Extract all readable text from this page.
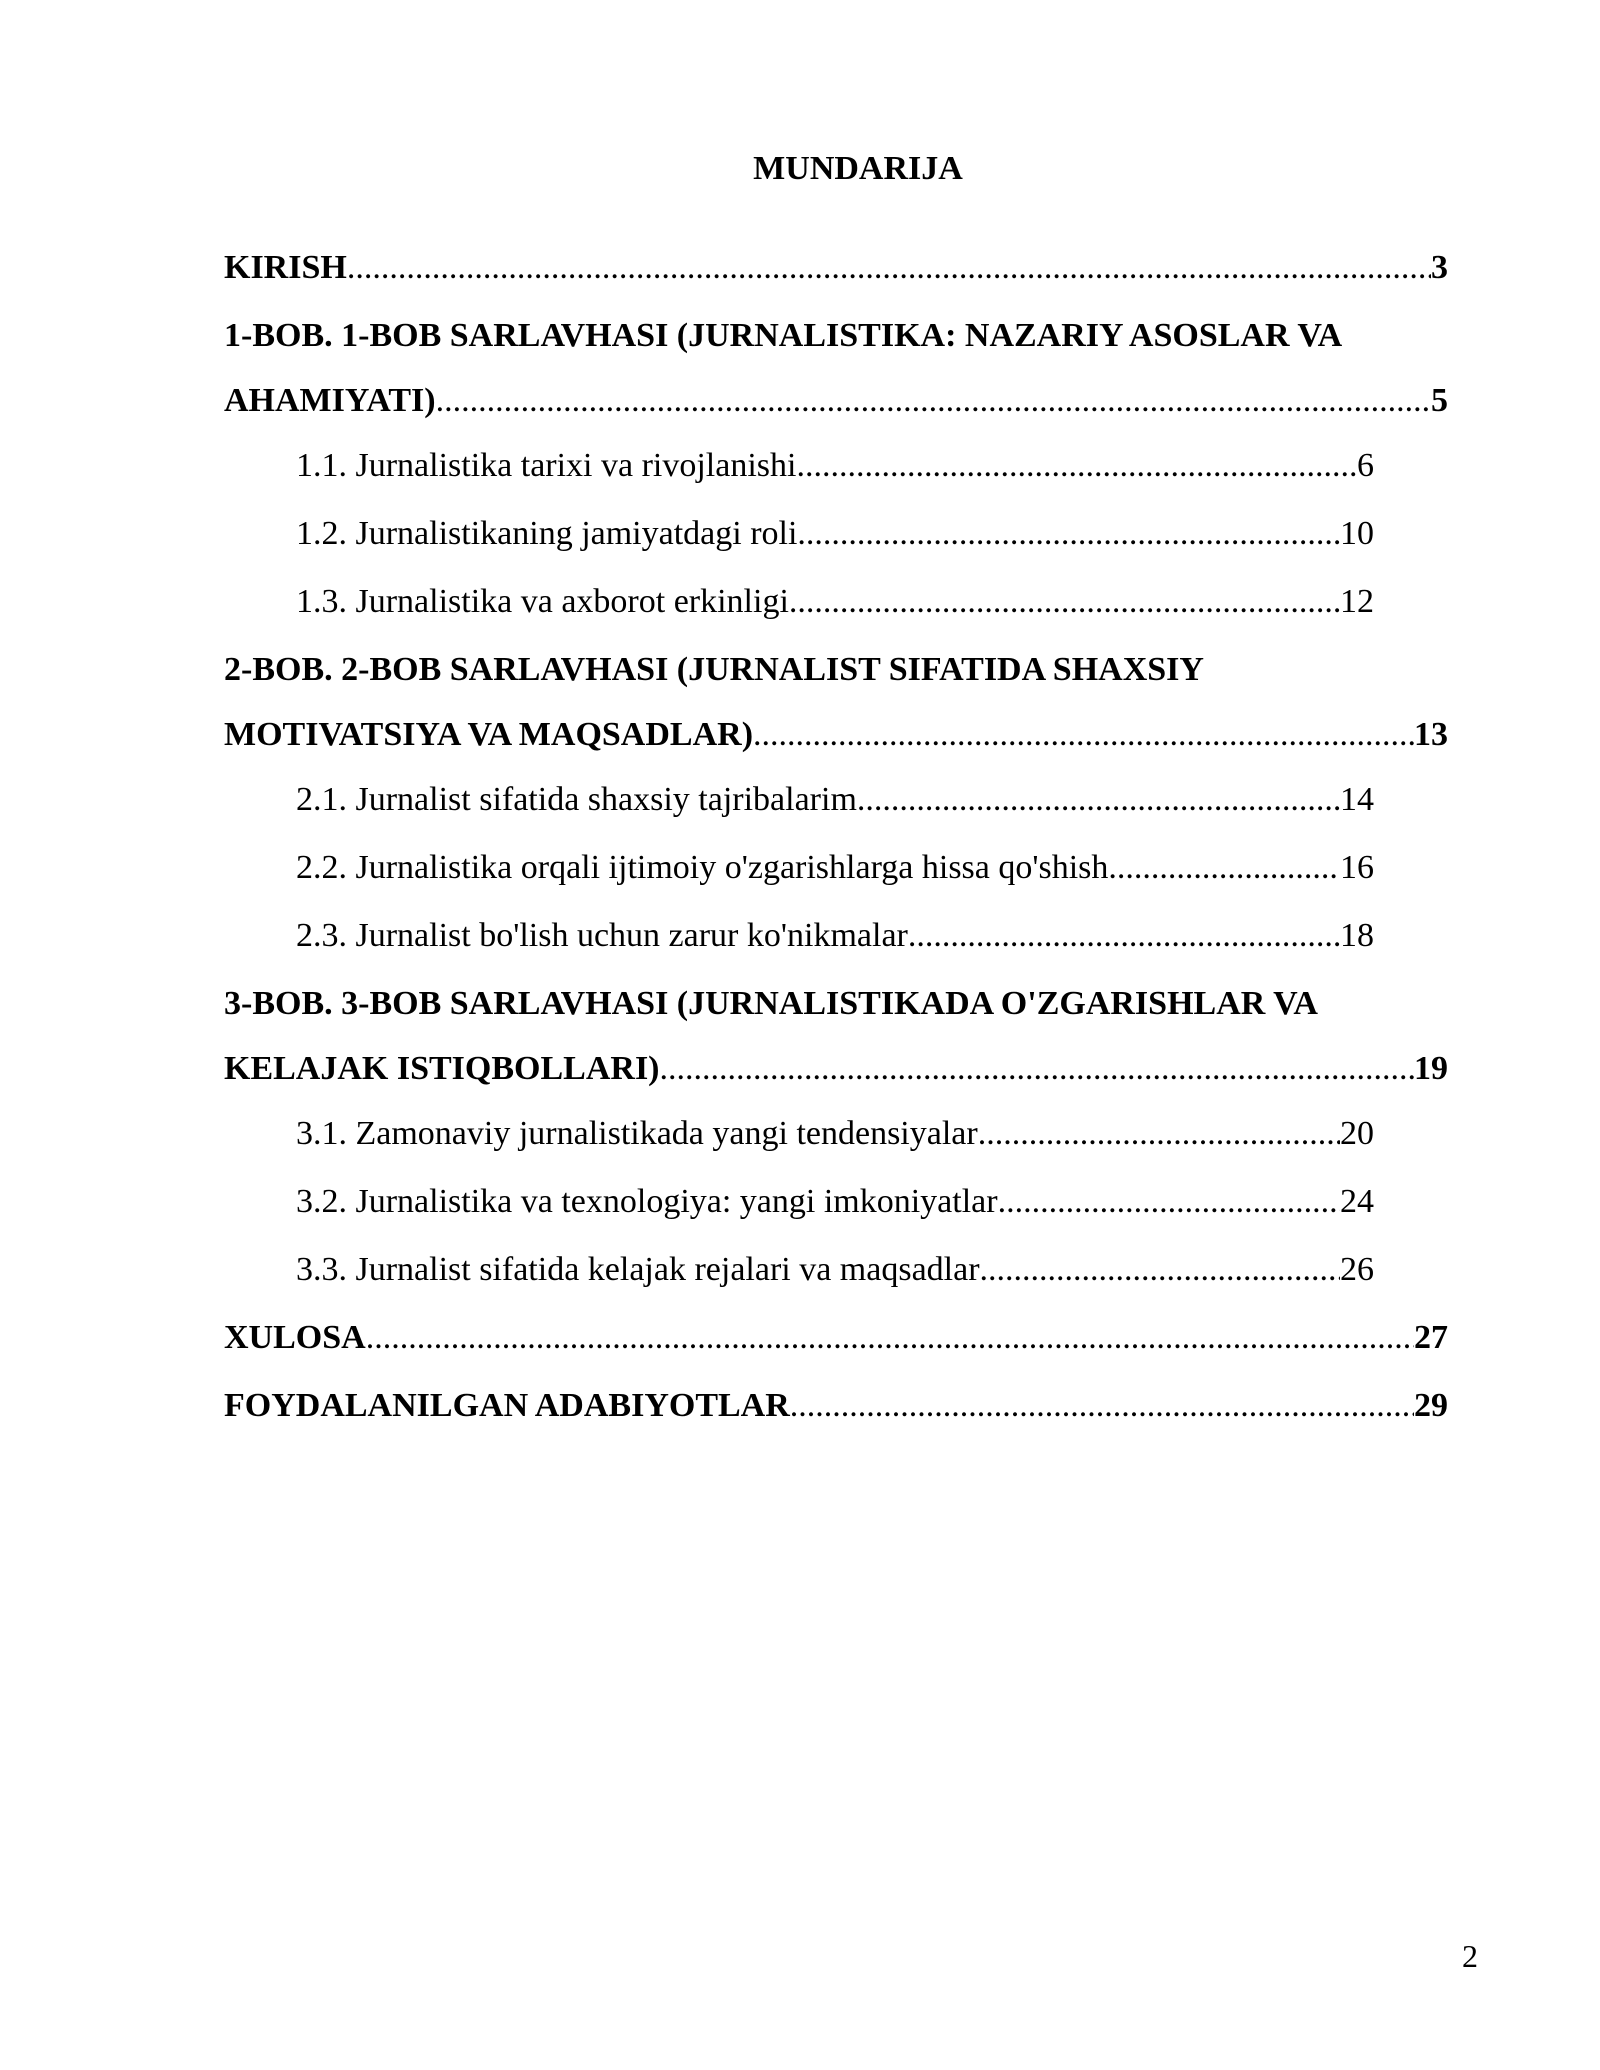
MUNDARIJA
KIRISH .....	3
1-BOB. 1-BOB SARLAVHASI (JURNALISTIKA: NAZARIY ASOSLAR VA
AHAMIYATI) .....	5
1.1. Jurnalistika tarixi va rivojlanishi .....	6
1.2. Jurnalistikaning jamiyatdagi roli .....	10
1.3. Jurnalistika va axborot erkinligi .....	12
2-BOB. 2-BOB SARLAVHASI (JURNALIST SIFATIDA SHAXSIY
MOTIVATSIYA VA MAQSADLAR) .....	13
2.1. Jurnalist sifatida shaxsiy tajribalarim .....	14
2.2. Jurnalistika orqali ijtimoiy o'zgarishlarga hissa qo'shish .....	16
2.3. Jurnalist bo'lish uchun zarur ko'nikmalar .....	18
3-BOB. 3-BOB SARLAVHASI (JURNALISTIKADA O'ZGARISHLAR VA
KELAJAK ISTIQBOLLARI) .....	19
3.1. Zamonaviy jurnalistikada yangi tendensiyalar .....	20
3.2. Jurnalistika va texnologiya: yangi imkoniyatlar .....	24
3.3. Jurnalist sifatida kelajak rejalari va maqsadlar .....	26
XULOSA .....	27
FOYDALANILGAN ADABIYOTLAR .....	29
2
